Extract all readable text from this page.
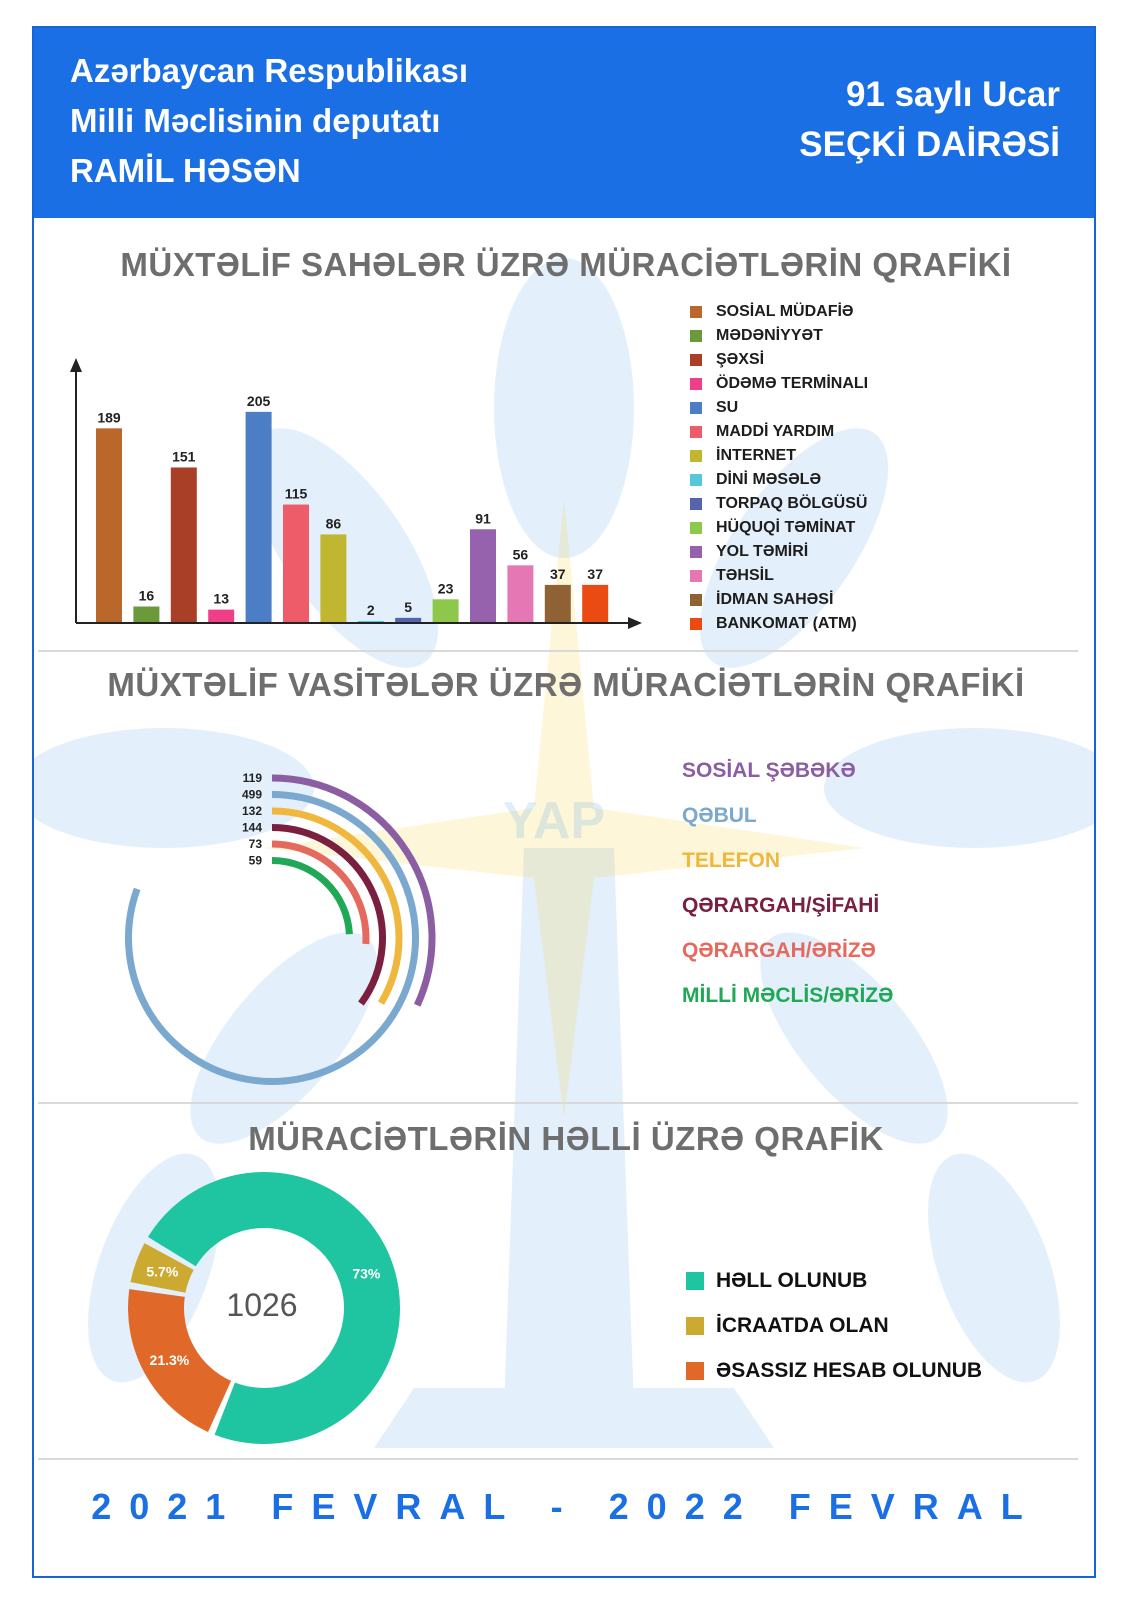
YAP
Azərbaycan Respublikası
Milli Məclisinin deputatı
RAMİL HƏSƏN
91 saylı Ucar
SEÇKİ DAİRƏSİ
MÜXTƏLİF SAHƏLƏR ÜZRƏ MÜRACİƏTLƏRİN QRAFİKİ
189
16
151
13
205
115
86
2 5
23
91
56
37 37
SOSİAL MÜDAFİƏ
MƏDƏNİYYƏT
ŞƏXSİ
ÖDƏMƏ TERMİNALI
SU
MADDİ YARDIM
İNTERNET
DİNİ MƏSƏLƏ
TORPAQ BÖLGÜSÜ
HÜQUQİ TƏMİNAT
YOL TƏMİRİ
TƏHSİL
İDMAN SAHƏSİ
BANKOMAT (ATM)
MÜXTƏLİF VASİTƏLƏR ÜZRƏ MÜRACİƏTLƏRİN QRAFİKİ
119
499
132
144
73
59
SOSİAL ŞƏBƏKƏ
QƏBUL
TELEFON
QƏRARGAH/ŞİFAHİ
QƏRARGAH/ƏRİZƏ
MİLLİ MƏCLİS/ƏRİZƏ
MÜRACİƏTLƏRİN HƏLLİ ÜZRƏ QRAFİK
73%
21.3%
5.7%
1026
HƏLL OLUNUB
İCRAATDA OLAN
ƏSASSIZ HESAB OLUNUB
2021 FEVRAL - 2022 FEVRAL
